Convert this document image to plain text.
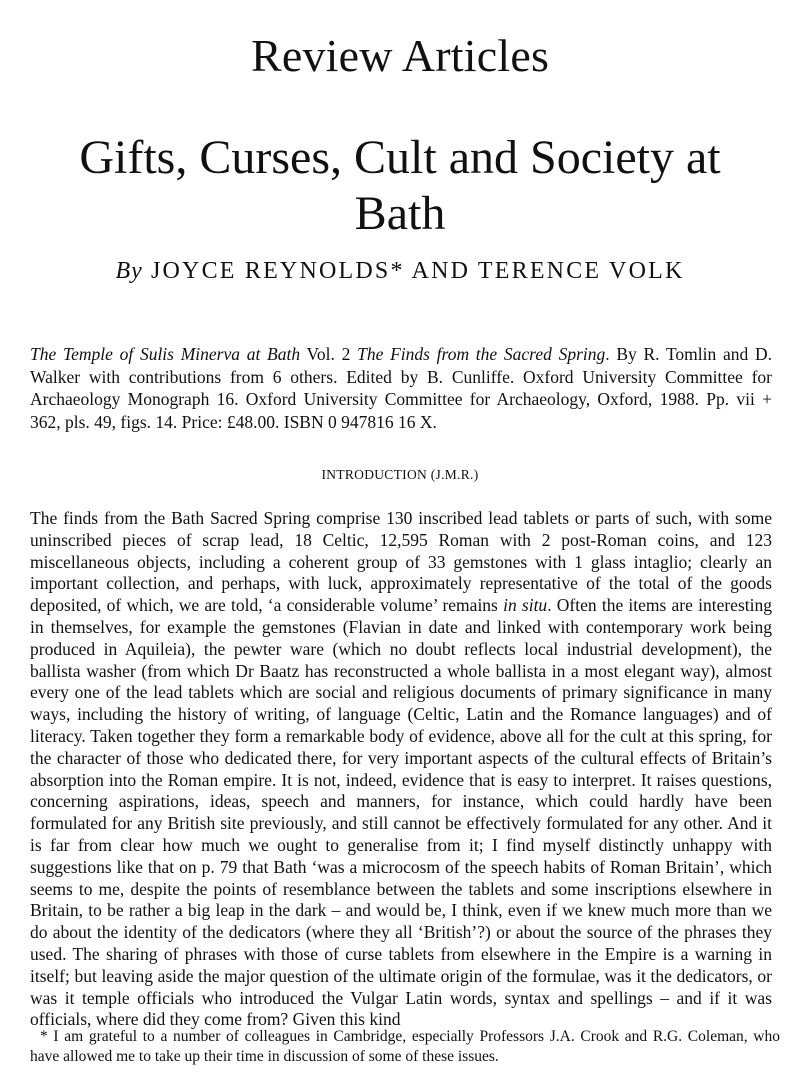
Review Articles
Gifts, Curses, Cult and Society at Bath
By JOYCE REYNOLDS* AND TERENCE VOLK
The Temple of Sulis Minerva at Bath Vol. 2 The Finds from the Sacred Spring. By R. Tomlin and D. Walker with contributions from 6 others. Edited by B. Cunliffe. Oxford University Committee for Archaeology Monograph 16. Oxford University Committee for Archaeology, Oxford, 1988. Pp. vii + 362, pls. 49, figs. 14. Price: £48.00. ISBN 0 947816 16 X.
INTRODUCTION (J.M.R.)
The finds from the Bath Sacred Spring comprise 130 inscribed lead tablets or parts of such, with some uninscribed pieces of scrap lead, 18 Celtic, 12,595 Roman with 2 post-Roman coins, and 123 miscellaneous objects, including a coherent group of 33 gemstones with 1 glass intaglio; clearly an important collection, and perhaps, with luck, approximately representative of the total of the goods deposited, of which, we are told, ‘a considerable volume’ remains in situ. Often the items are interesting in themselves, for example the gemstones (Flavian in date and linked with contemporary work being produced in Aquileia), the pewter ware (which no doubt reflects local industrial development), the ballista washer (from which Dr Baatz has reconstructed a whole ballista in a most elegant way), almost every one of the lead tablets which are social and religious documents of primary significance in many ways, including the history of writing, of language (Celtic, Latin and the Romance languages) and of literacy. Taken together they form a remarkable body of evidence, above all for the cult at this spring, for the character of those who dedicated there, for very important aspects of the cultural effects of Britain’s absorption into the Roman empire. It is not, indeed, evidence that is easy to interpret. It raises questions, concerning aspirations, ideas, speech and manners, for instance, which could hardly have been formulated for any British site previously, and still cannot be effectively formulated for any other. And it is far from clear how much we ought to generalise from it; I find myself distinctly unhappy with suggestions like that on p. 79 that Bath ‘was a microcosm of the speech habits of Roman Britain’, which seems to me, despite the points of resemblance between the tablets and some inscriptions elsewhere in Britain, to be rather a big leap in the dark – and would be, I think, even if we knew much more than we do about the identity of the dedicators (where they all ‘British’?) or about the source of the phrases they used. The sharing of phrases with those of curse tablets from elsewhere in the Empire is a warning in itself; but leaving aside the major question of the ultimate origin of the formulae, was it the dedicators, or was it temple officials who introduced the Vulgar Latin words, syntax and spellings – and if it was officials, where did they come from? Given this kind
* I am grateful to a number of colleagues in Cambridge, especially Professors J.A. Crook and R.G. Coleman, who have allowed me to take up their time in discussion of some of these issues.
